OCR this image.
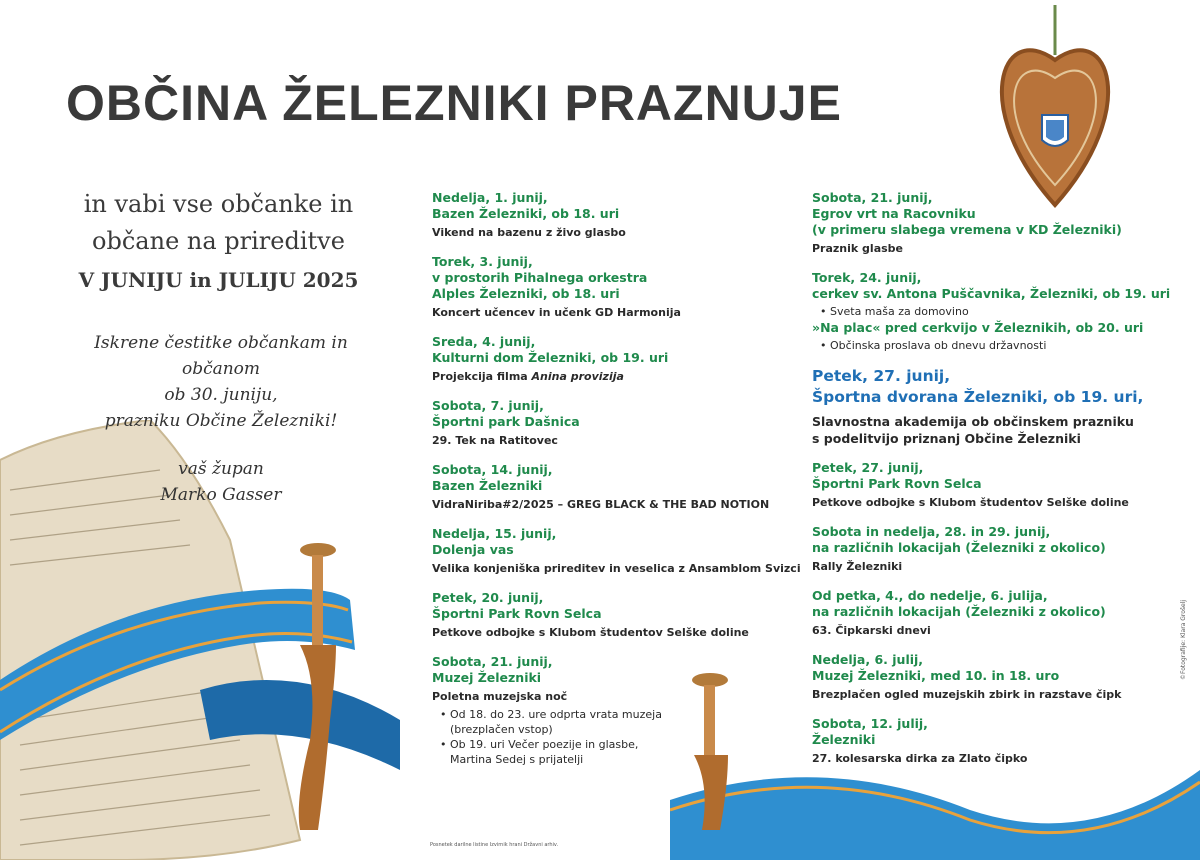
OBČINA ŽELEZNIKI PRAZNUJE
in vabi vse občanke in
občane na prireditve
V JUNIJU in JULIJU 2025
Iskrene čestitke občankam in občanom
ob 30. juniju,
prazniku Občine Železniki!
vaš župan
Marko Gasser
Nedelja, 1. junij,
Bazen Železniki, ob 18. uri
Vikend na bazenu z živo glasbo
Torek, 3. junij,
v prostorih Pihalnega orkestra
Alples Železniki, ob 18. uri
Koncert učencev in učenk GD Harmonija
Sreda, 4. junij,
Kulturni dom Železniki, ob 19. uri
Projekcija filma Anina provizija
Sobota, 7. junij,
Športni park Dašnica
29. Tek na Ratitovec
Sobota, 14. junij,
Bazen Železniki
VidraNiriba#2/2025 – GREG BLACK & THE BAD NOTION
Nedelja, 15. junij,
Dolenja vas
Velika konjeniška prireditev in veselica z Ansamblom Svizci
Petek, 20. junij,
Športni Park Rovn Selca
Petkove odbojke s Klubom študentov Selške doline
Sobota, 21. junij,
Muzej Železniki
Poletna muzejska noč
• Od 18. do 23. ure odprta vrata muzeja
(brezplačen vstop)
• Ob 19. uri Večer poezije in glasbe,
Martina Sedej s prijatelji
Sobota, 21. junij,
Egrov vrt na Racovniku
(v primeru slabega vremena v KD Železniki)
Praznik glasbe
Torek, 24. junij,
cerkev sv. Antona Puščavnika, Železniki, ob 19. uri
• Sveta maša za domovino
»Na plac« pred cerkvijo v Železnikih, ob 20. uri
• Občinska proslava ob dnevu državnosti
Petek, 27. junij,
Športna dvorana Železniki, ob 19. uri,
Slavnostna akademija ob občinskem prazniku
s podelitvijo priznanj Občine Železniki
Petek, 27. junij,
Športni Park Rovn Selca
Petkove odbojke s Klubom študentov Selške doline
Sobota in nedelja, 28. in 29. junij,
na različnih lokacijah (Železniki z okolico)
Rally Železniki
Od petka, 4., do nedelje, 6. julija,
na različnih lokacijah (Železniki z okolico)
63. Čipkarski dnevi
Nedelja, 6. julij,
Muzej Železniki, med 10. in 18. uro
Brezplačen ogled muzejskih zbirk in razstave čipk
Sobota, 12. julij,
Železniki
27. kolesarska dirka za Zlato čipko
©Fotografije: Klara Grošelj
Posnetek darilne listine Izvirnik hrani Državni arhiv.
